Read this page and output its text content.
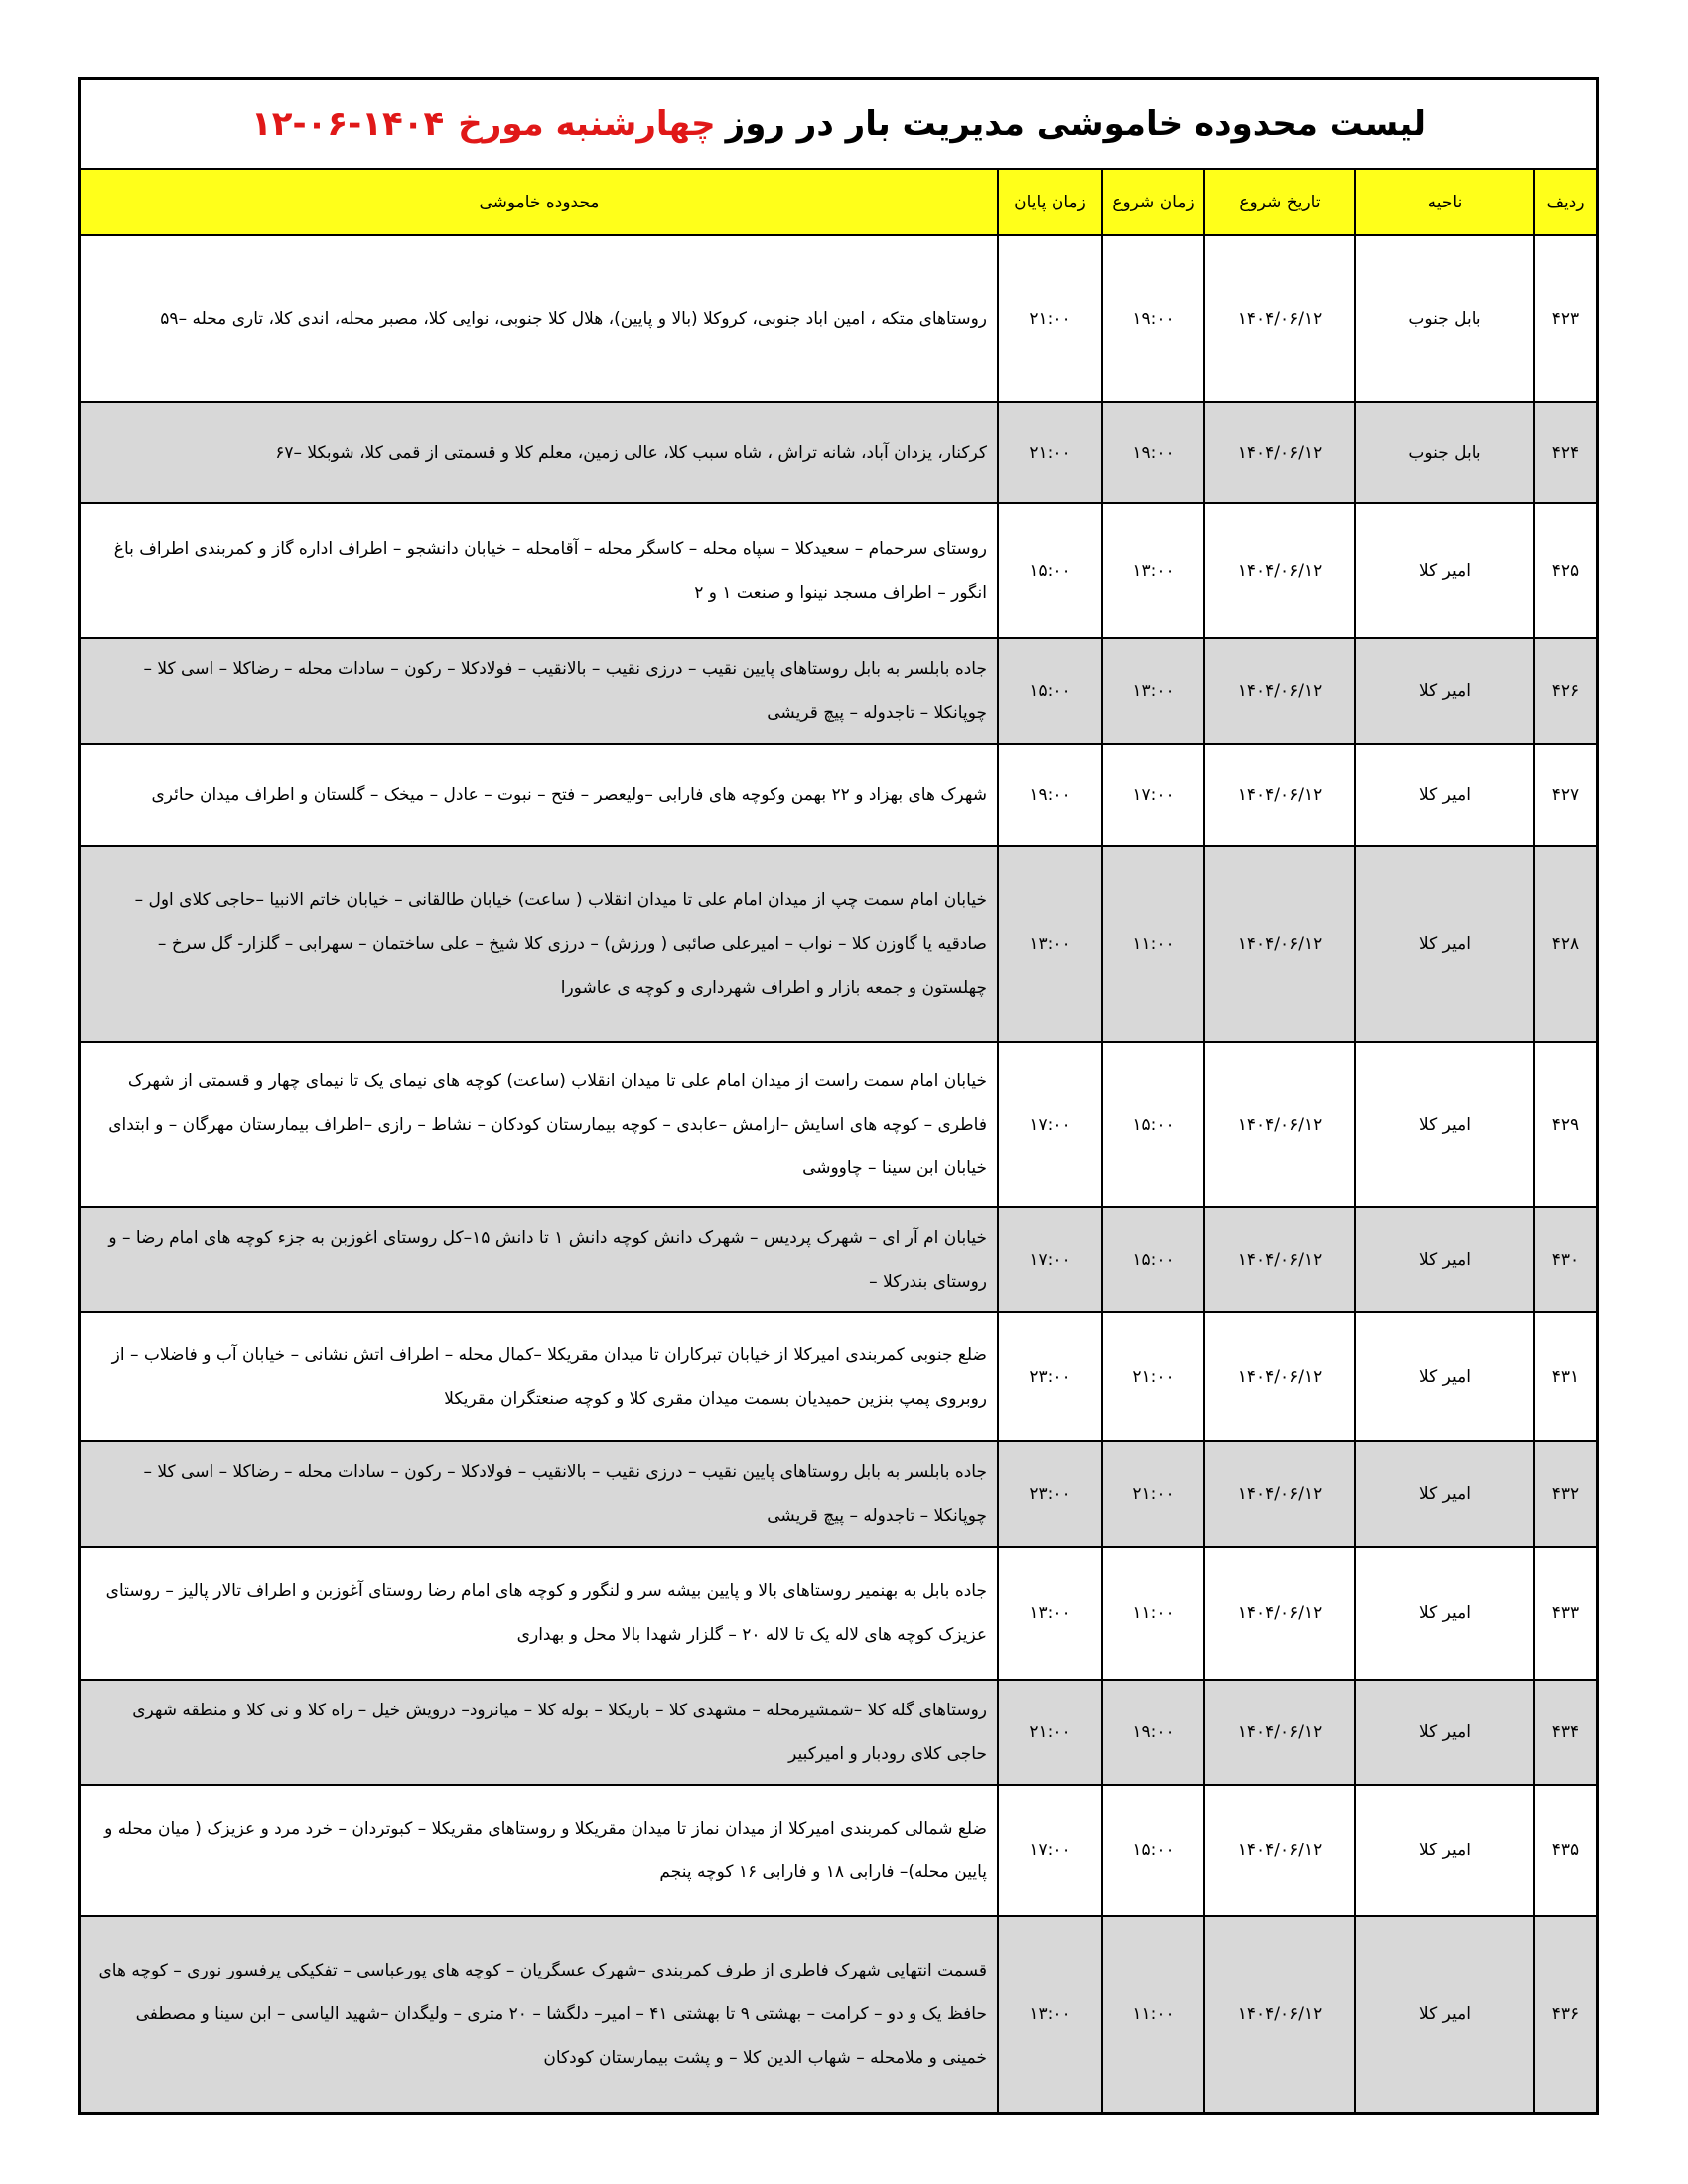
لیست محدوده خاموشی مدیریت بار در روز
چهارشنبه مورخ
۱۲-۰۶-۱۴۰۴
ردیف	ناحیه	تاریخ شروع	زمان شروع	زمان پایان	محدوده خاموشی
۴۲۳	بابل جنوب	۱۴۰۴/۰۶/۱۲	۱۹:۰۰	۲۱:۰۰	روستاهای متکه ، امین اباد جنوبی، کروکلا (بالا و پایین)، هلال کلا جنوبی، نوایی کلا، مصبر محله، اندی کلا، تاری محله –۵۹
۴۲۴	بابل جنوب	۱۴۰۴/۰۶/۱۲	۱۹:۰۰	۲۱:۰۰	کرکنار، یزدان آباد، شانه تراش ، شاه سبب کلا، عالی زمین، معلم کلا و قسمتی از قمی کلا، شوبکلا –۶۷
۴۲۵	امیر کلا	۱۴۰۴/۰۶/۱۲	۱۳:۰۰	۱۵:۰۰	روستای سرحمام – سعیدکلا – سپاه محله – کاسگر محله – آقامحله – خیابان دانشجو – اطراف اداره گاز و کمربندی اطراف باغ انگور – اطراف مسجد نینوا و صنعت ۱ و ۲
۴۲۶	امیر کلا	۱۴۰۴/۰۶/۱۲	۱۳:۰۰	۱۵:۰۰	جاده بابلسر به بابل روستاهای پایین نقیب – درزی نقیب – بالانقیب – فولادکلا – رکون – سادات محله – رضاکلا – اسی کلا – چوپانکلا – تاجدوله – پیچ قریشی
۴۲۷	امیر کلا	۱۴۰۴/۰۶/۱۲	۱۷:۰۰	۱۹:۰۰	شهرک های بهزاد و ۲۲ بهمن وکوچه های فارابی –ولیعصر – فتح – نبوت – عادل – میخک – گلستان و اطراف میدان حائری
۴۲۸	امیر کلا	۱۴۰۴/۰۶/۱۲	۱۱:۰۰	۱۳:۰۰	خیابان امام سمت چپ از میدان امام علی تا میدان انقلاب ( ساعت) خیابان طالقانی – خیابان خاتم الانبیا –حاجی کلای اول – صادقیه یا گاوزن کلا – نواب – امیرعلی صائبی ( ورزش) – درزی کلا شیخ – علی ساختمان – سهرابی – گلزار- گل سرخ – چهلستون و جمعه بازار و اطراف شهرداری و کوچه ی عاشورا
۴۲۹	امیر کلا	۱۴۰۴/۰۶/۱۲	۱۵:۰۰	۱۷:۰۰	خیابان امام سمت راست از میدان امام علی تا میدان انقلاب (ساعت) کوچه های نیمای یک تا نیمای چهار و قسمتی از شهرک فاطری – کوچه های اسایش –ارامش –عابدی – کوچه بیمارستان کودکان – نشاط – رازی –اطراف بیمارستان مهرگان – و ابتدای خیابان ابن سینا – چاووشی
۴۳۰	امیر کلا	۱۴۰۴/۰۶/۱۲	۱۵:۰۰	۱۷:۰۰	خیابان ام آر ای – شهرک پردیس – شهرک دانش کوچه دانش ۱ تا دانش ۱۵–کل روستای اغوزبن به جزء کوچه های امام رضا – و روستای بندرکلا –
۴۳۱	امیر کلا	۱۴۰۴/۰۶/۱۲	۲۱:۰۰	۲۳:۰۰	ضلع جنوبی کمربندی امیرکلا از خیابان تبرکاران تا میدان مقریکلا –کمال محله – اطراف اتش نشانی – خیابان آب و فاضلاب – از روبروی پمپ بنزین حمیدیان بسمت میدان مقری کلا و کوچه صنعتگران مقریکلا
۴۳۲	امیر کلا	۱۴۰۴/۰۶/۱۲	۲۱:۰۰	۲۳:۰۰	جاده بابلسر به بابل روستاهای پایین نقیب – درزی نقیب – بالانقیب – فولادکلا – رکون – سادات محله – رضاکلا – اسی کلا – چوپانکلا – تاجدوله – پیچ قریشی
۴۳۳	امیر کلا	۱۴۰۴/۰۶/۱۲	۱۱:۰۰	۱۳:۰۰	جاده بابل به بهنمیر روستاهای بالا و پایین بیشه سر و لنگور و کوچه های امام رضا روستای آغوزبن و اطراف تالار پالیز – روستای عزیزک کوچه های لاله یک تا لاله ۲۰ – گلزار شهدا بالا محل و بهداری
۴۳۴	امیر کلا	۱۴۰۴/۰۶/۱۲	۱۹:۰۰	۲۱:۰۰	روستاهای گله کلا –شمشیرمحله – مشهدی کلا – باریکلا – بوله کلا – میانرود– درویش خیل – راه کلا و نی کلا و منطقه شهری حاجی کلای رودبار و امیرکبیر
۴۳۵	امیر کلا	۱۴۰۴/۰۶/۱۲	۱۵:۰۰	۱۷:۰۰	ضلع شمالی کمربندی امیرکلا از میدان نماز تا میدان مقریکلا و روستاهای مقریکلا – کبوتردان – خرد مرد و عزیزک ( میان محله و پایین محله)– فارابی ۱۸ و فارابی ۱۶ کوچه پنجم
۴۳۶	امیر کلا	۱۴۰۴/۰۶/۱۲	۱۱:۰۰	۱۳:۰۰	قسمت انتهایی شهرک فاطری از طرف کمربندی –شهرک عسگریان – کوچه های پورعباسی – تفکیکی پرفسور نوری – کوچه های حافظ یک و دو – کرامت – بهشتی ۹ تا بهشتی ۴۱ – امیر– دلگشا – ۲۰ متری – ولیگدان –شهید الیاسی – ابن سینا و مصطفی خمینی و ملامحله – شهاب الدین کلا – و پشت بیمارستان کودکان
